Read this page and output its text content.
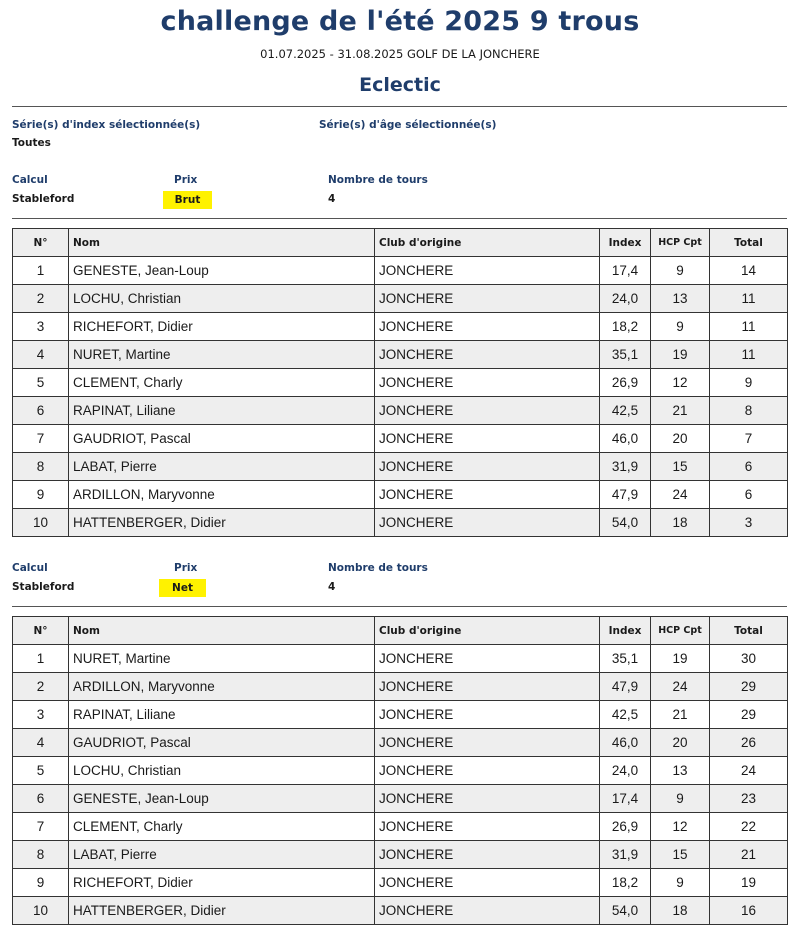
challenge de l'été 2025 9 trous
01.07.2025 - 31.08.2025 GOLF DE LA JONCHERE
Eclectic
Série(s) d'index sélectionnée(s)
Toutes
Série(s) d'âge sélectionnée(s)
Calcul
Stableford
Prix
Brut
Nombre de tours
4
N°	Nom	Club d'origine	Index	HCP Cpt	Total
1	GENESTE, Jean-Loup	JONCHERE	17,4	9	14
2	LOCHU, Christian	JONCHERE	24,0	13	11
3	RICHEFORT, Didier	JONCHERE	18,2	9	11
4	NURET, Martine	JONCHERE	35,1	19	11
5	CLEMENT, Charly	JONCHERE	26,9	12	9
6	RAPINAT, Liliane	JONCHERE	42,5	21	8
7	GAUDRIOT, Pascal	JONCHERE	46,0	20	7
8	LABAT, Pierre	JONCHERE	31,9	15	6
9	ARDILLON, Maryvonne	JONCHERE	47,9	24	6
10	HATTENBERGER, Didier	JONCHERE	54,0	18	3
Calcul
Stableford
Prix
Net
Nombre de tours
4
N°	Nom	Club d'origine	Index	HCP Cpt	Total
1	NURET, Martine	JONCHERE	35,1	19	30
2	ARDILLON, Maryvonne	JONCHERE	47,9	24	29
3	RAPINAT, Liliane	JONCHERE	42,5	21	29
4	GAUDRIOT, Pascal	JONCHERE	46,0	20	26
5	LOCHU, Christian	JONCHERE	24,0	13	24
6	GENESTE, Jean-Loup	JONCHERE	17,4	9	23
7	CLEMENT, Charly	JONCHERE	26,9	12	22
8	LABAT, Pierre	JONCHERE	31,9	15	21
9	RICHEFORT, Didier	JONCHERE	18,2	9	19
10	HATTENBERGER, Didier	JONCHERE	54,0	18	16
